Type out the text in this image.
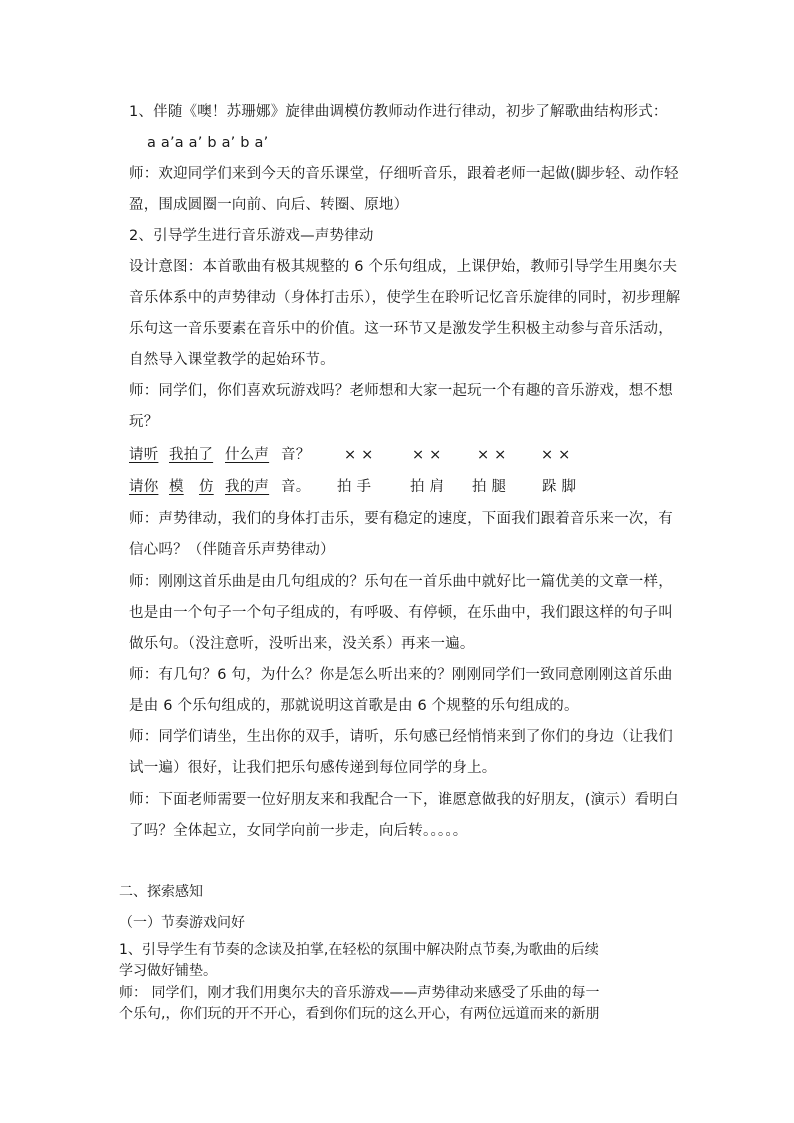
1、伴随《噢！苏珊娜》旋律曲调模仿教师动作进行律动，初步了解歌曲结构形式：
a a’a a’ b a’ b a’
师：欢迎同学们来到今天的音乐课堂，仔细听音乐，跟着老师一起做(脚步轻、动作轻
盈，围成圆圈一向前、向后、转圈、原地）
2、引导学生进行音乐游戏—声势律动
设计意图：本首歌曲有极其规整的 6 个乐句组成，上课伊始，教师引导学生用奥尔夫
音乐体系中的声势律动（身体打击乐），使学生在聆听记忆音乐旋律的同时，初步理解
乐句这一音乐要素在音乐中的价值。这一环节又是激发学生积极主动参与音乐活动，
自然导入课堂教学的起始环节。
师：同学们，你们喜欢玩游戏吗？老师想和大家一起玩一个有趣的音乐游戏，想不想
玩？
请听 我拍了 什么声 音？ × ×	× × × × × ×
请你 模 仿 我的声 音。 拍 手	拍 肩 拍 腿 跺 脚
师：声势律动，我们的身体打击乐，要有稳定的速度，下面我们跟着音乐来一次，有
信心吗？（伴随音乐声势律动）
师：刚刚这首乐曲是由几句组成的？乐句在一首乐曲中就好比一篇优美的文章一样，
也是由一个句子一个句子组成的，有呼吸、有停顿，在乐曲中，我们跟这样的句子叫
做乐句。（没注意听，没听出来，没关系）再来一遍。
师：有几句？6 句，为什么？你是怎么听出来的？刚刚同学们一致同意刚刚这首乐曲
是由 6 个乐句组成的，那就说明这首歌是由 6 个规整的乐句组成的。
师：同学们请坐，生出你的双手，请听，乐句感已经悄悄来到了你们的身边（让我们
试一遍）很好，让我们把乐句感传递到每位同学的身上。
师：下面老师需要一位好朋友来和我配合一下，谁愿意做我的好朋友，(演示）看明白
了吗？全体起立，女同学向前一步走，向后转。。。。。
二、探索感知
（一）节奏游戏问好
1、引导学生有节奏的念读及拍掌,在轻松的氛围中解决附点节奏,为歌曲的后续
学习做好铺垫。
师： 同学们，刚才我们用奥尔夫的音乐游戏——声势律动来感受了乐曲的每一
个乐句,，你们玩的开不开心，看到你们玩的这么开心，有两位远道而来的新朋
